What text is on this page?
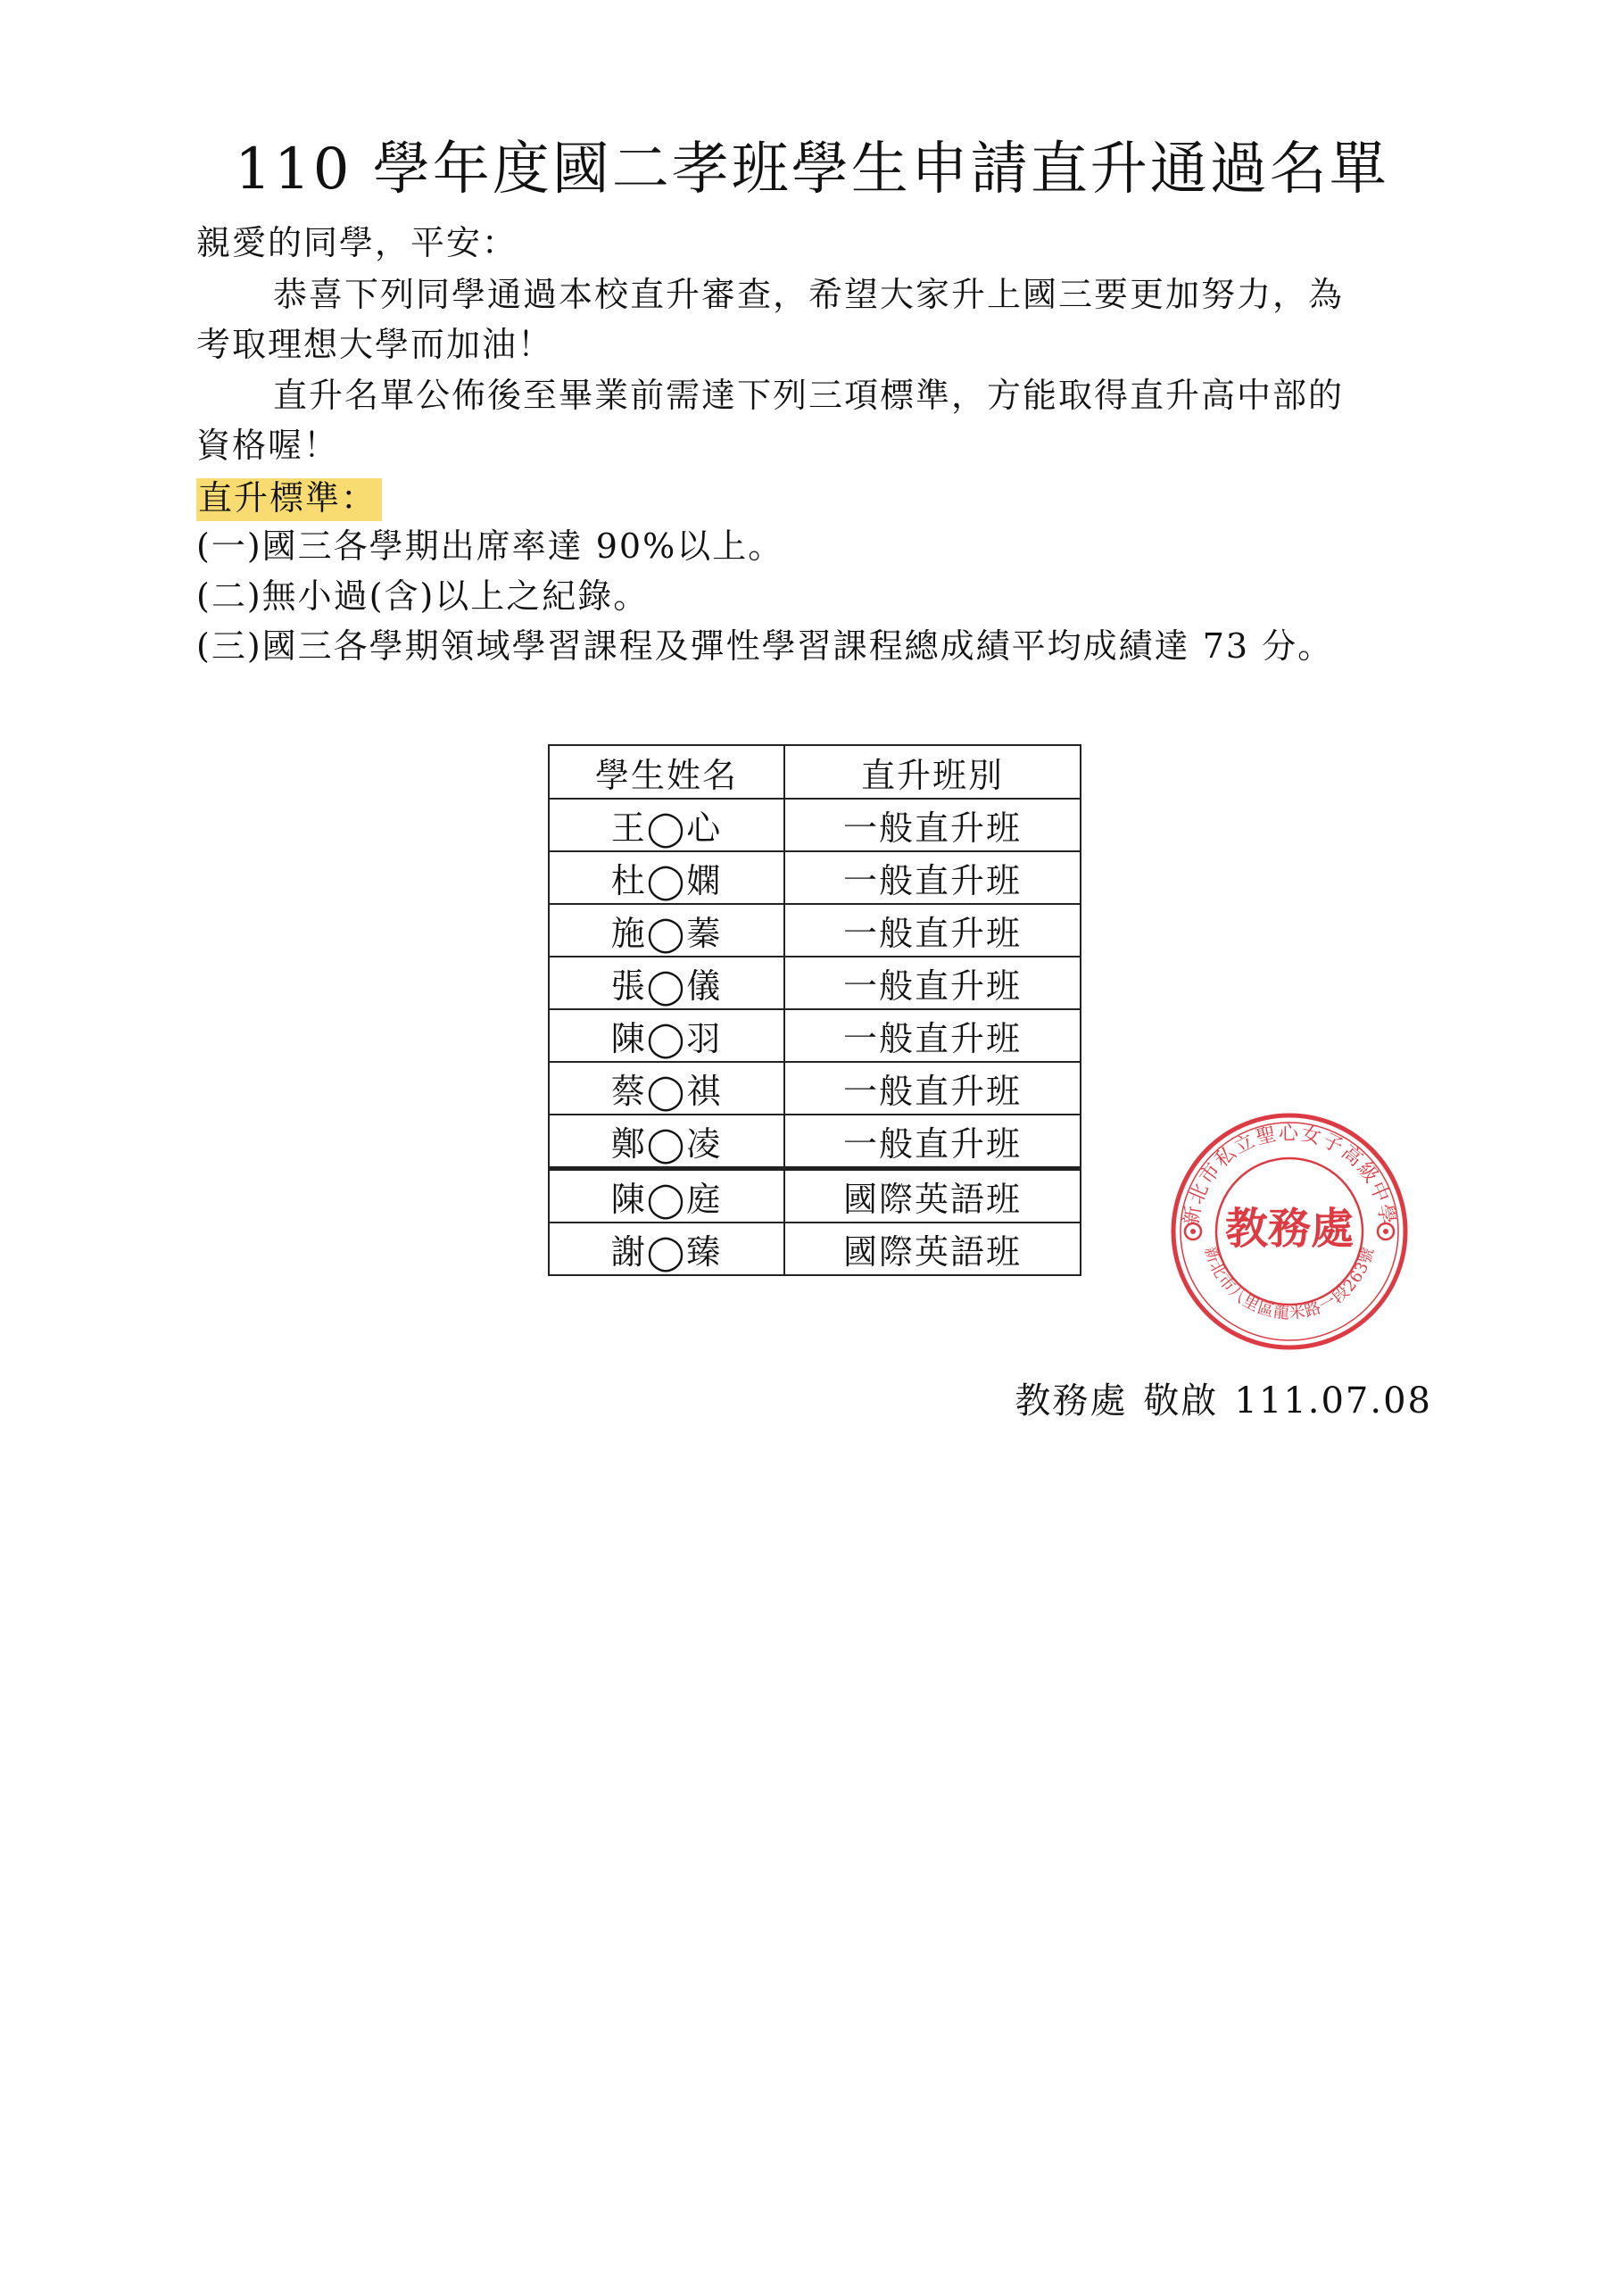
110 學年度國二孝班學生申請直升通過名單
親愛的同學，平安：
恭喜下列同學通過本校直升審查，希望大家升上國三要更加努力，為
考取理想大學而加油！
直升名單公佈後至畢業前需達下列三項標準，方能取得直升高中部的
資格喔！
直升標準：
(一)國三各學期出席率達 90%以上。
(二)無小過(含)以上之紀錄。
(三)國三各學期領域學習課程及彈性學習課程總成績平均成績達 73 分。
學生姓名	直升班別
王◯心	一般直升班
杜◯嫻	一般直升班
施◯蓁	一般直升班
張◯儀	一般直升班
陳◯羽	一般直升班
蔡◯祺	一般直升班
鄭◯凌	一般直升班
陳◯庭	國際英語班
謝◯臻	國際英語班
新北市私立聖心女子高級中學
新北市八里區龍米路一段263號
教務處
教務處 敬啟 111.07.08
